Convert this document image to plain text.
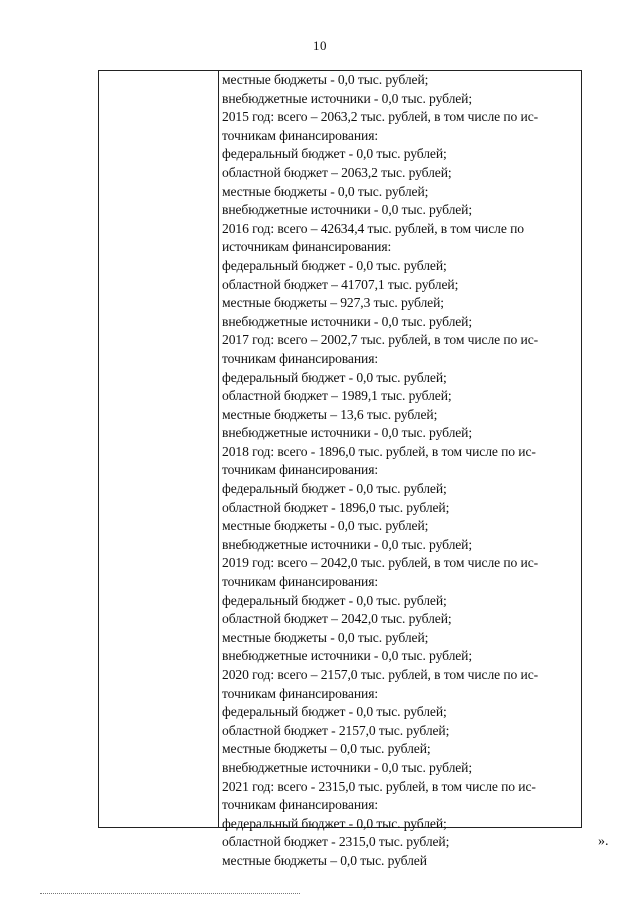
10
местные бюджеты - 0,0 тыс. рублей;
внебюджетные источники - 0,0 тыс. рублей;
2015 год: всего – 2063,2 тыс. рублей, в том числе по ис-
точникам финансирования:
федеральный бюджет - 0,0 тыс. рублей;
областной бюджет – 2063,2 тыс. рублей;
местные бюджеты - 0,0 тыс. рублей;
внебюджетные источники - 0,0 тыс. рублей;
2016 год: всего – 42634,4 тыс. рублей, в том числе по
источникам финансирования:
федеральный бюджет - 0,0 тыс. рублей;
областной бюджет – 41707,1 тыс. рублей;
местные бюджеты – 927,3 тыс. рублей;
внебюджетные источники - 0,0 тыс. рублей;
2017 год: всего – 2002,7 тыс. рублей, в том числе по ис-
точникам финансирования:
федеральный бюджет - 0,0 тыс. рублей;
областной бюджет – 1989,1 тыс. рублей;
местные бюджеты – 13,6 тыс. рублей;
внебюджетные источники - 0,0 тыс. рублей;
2018 год: всего - 1896,0 тыс. рублей, в том числе по ис-
точникам финансирования:
федеральный бюджет - 0,0 тыс. рублей;
областной бюджет - 1896,0 тыс. рублей;
местные бюджеты - 0,0 тыс. рублей;
внебюджетные источники - 0,0 тыс. рублей;
2019 год: всего – 2042,0 тыс. рублей, в том числе по ис-
точникам финансирования:
федеральный бюджет - 0,0 тыс. рублей;
областной бюджет – 2042,0 тыс. рублей;
местные бюджеты - 0,0 тыс. рублей;
внебюджетные источники - 0,0 тыс. рублей;
2020 год: всего – 2157,0 тыс. рублей, в том числе по ис-
точникам финансирования:
федеральный бюджет - 0,0 тыс. рублей;
областной бюджет - 2157,0 тыс. рублей;
местные бюджеты – 0,0 тыс. рублей;
внебюджетные источники - 0,0 тыс. рублей;
2021 год: всего - 2315,0 тыс. рублей, в том числе по ис-
точникам финансирования:
федеральный бюджет - 0,0 тыс. рублей;
областной бюджет - 2315,0 тыс. рублей;
местные бюджеты – 0,0 тыс. рублей
».
